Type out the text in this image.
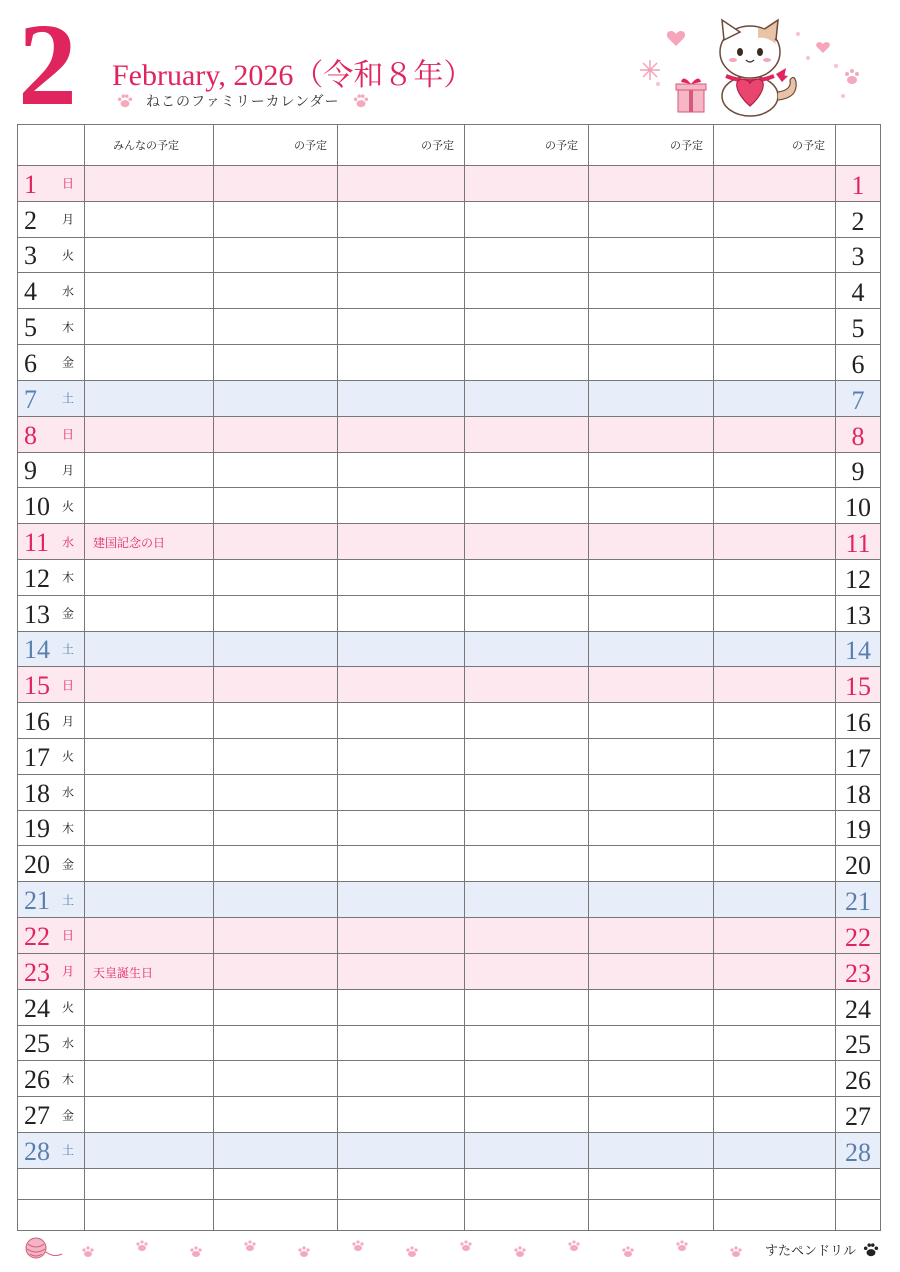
2 February, 2026（令和８年）
ねこのファミリーカレンダー
	みんなの予定	の予定	の予定	の予定	の予定	の予定	

1 日							1

2 月							2

3 火							3

4 水							4

5 木							5

6 金							6

7 土							7

8 日							8

9 月							9

10 火							10

11 水	建国記念の日						11

12 木							12

13 金							13

14 土							14

15 日							15

16 月							16

17 火							17

18 水							18

19 木							19

20 金							20

21 土							21

22 日							22

23 月	天皇誕生日						23

24 火							24

25 水							25

26 木							26

27 金							27

28 土							28

すたペンドリル
